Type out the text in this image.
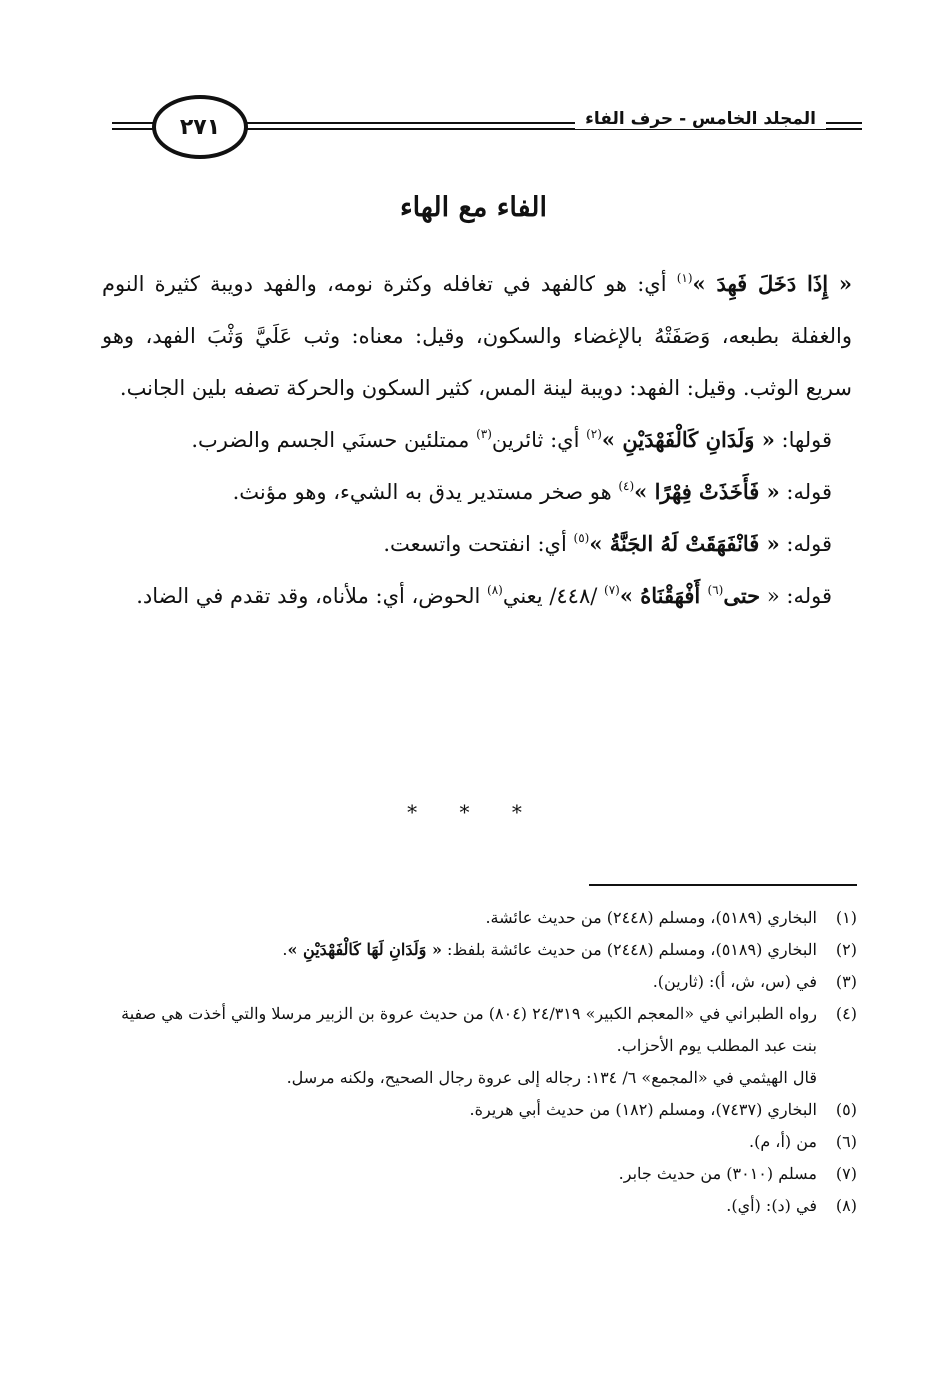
المجلد الخامس - حرف الفاء
٢٧١
الفاء مع الهاء

« إِذَا دَخَلَ فَهِدَ »$^{(١)}$ أي: هو كالفهد في تغافله وكثرة نومه، والفهد دويبة كثيرة النوم والغفلة بطبعه، وَصَفَتْهُ بالإغضاء والسكون، وقيل: معناه: وثب عَلَيَّ وَثْبَ الفهد، وهو سريع الوثب. وقيل: الفهد: دويبة لينة المس، كثير السكون والحركة تصفه بلين الجانب.

قولها: « وَلَدَانِ كَالْفَهْدَيْنِ »$^{(٢)}$ أي: ثائرين$^{(٣)}$ ممتلئين حسنَي الجسم والضرب.

قوله: « فَأَخَذَتْ فِهْرًا »$^{(٤)}$ هو صخر مستدير يدق به الشيء، وهو مؤنث.

قوله: « فَانْفَهَقَتْ لَهُ الجَنَّةُ »$^{(٥)}$ أي: انفتحت واتسعت.

قوله: « حتى$^{(٦)}$ أَفْهَقْنَاهُ »$^{(٧)}$ /٤٤٨/ يعني$^{(٨)}$ الحوض، أي: ملأناه، وقد تقدم في الضاد.

* * *
(١)
البخاري (٥١٨٩)، ومسلم (٢٤٤٨) من حديث عائشة.
(٢)
البخاري (٥١٨٩)، ومسلم (٢٤٤٨) من حديث عائشة بلفظ: « وَلَدَانِ لَهَا كَالْفَهْدَيْنِ ».
(٣)
في (س، ش، أ): (ثارين).
(٤)
رواه الطبراني في «المعجم الكبير» ٢٤/٣١٩ (٨٠٤) من حديث عروة بن الزبير مرسلا والتي أخذت هي صفية بنت عبد المطلب يوم الأحزاب.
قال الهيثمي في «المجمع» ٦/ ١٣٤: رجاله إلى عروة رجال الصحيح، ولكنه مرسل.
(٥)
البخاري (٧٤٣٧)، ومسلم (١٨٢) من حديث أبي هريرة.
(٦)
من (أ، م).
(٧)
مسلم (٣٠١٠) من حديث جابر.
(٨)
في (د): (أي).
